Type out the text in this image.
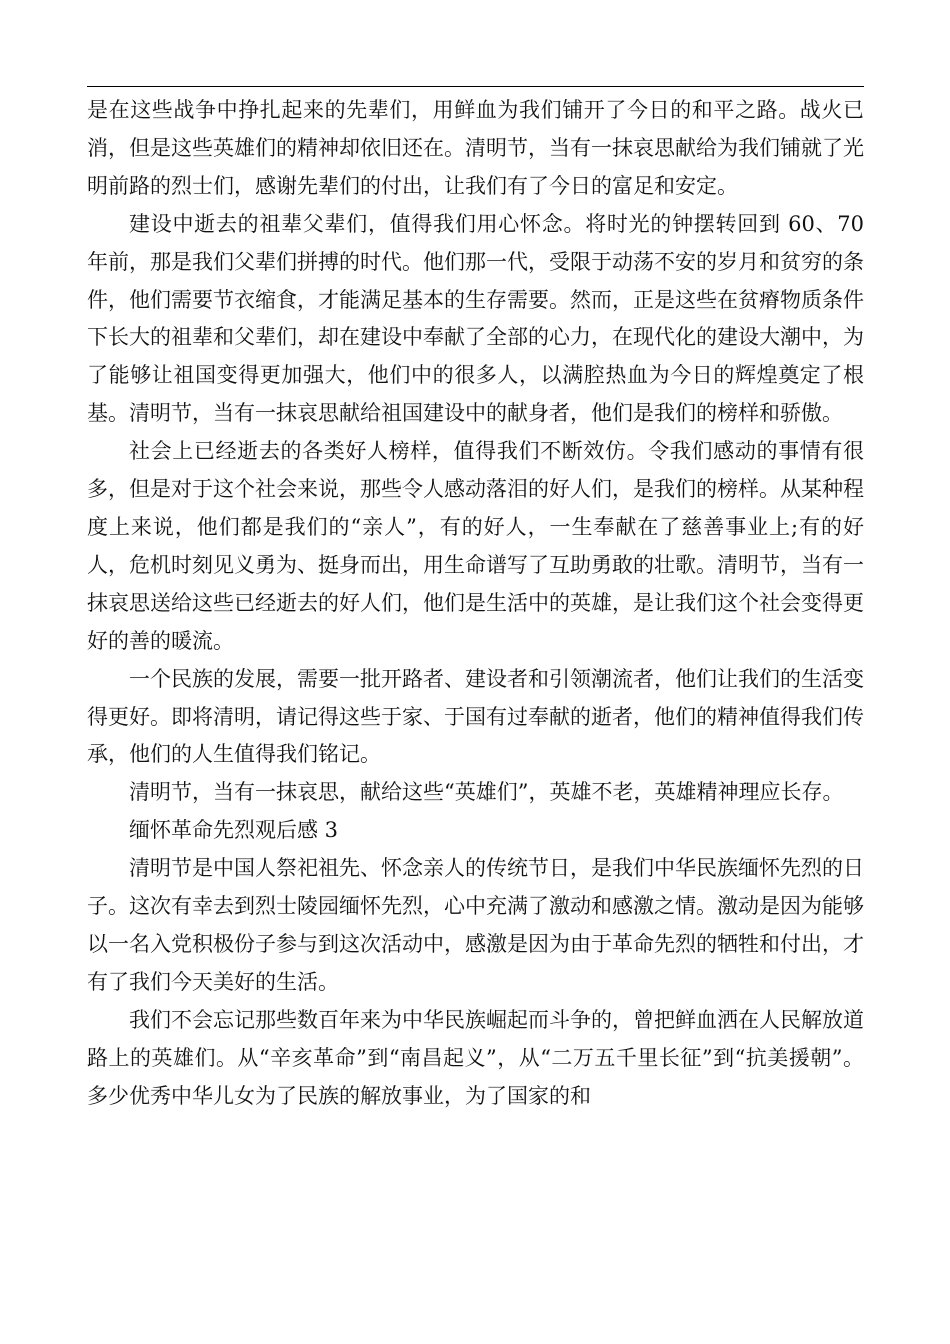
是在这些战争中挣扎起来的先辈们，用鲜血为我们铺开了今日的和平之路。战火已消，但是这些英雄们的精神却依旧还在。清明节，当有一抹哀思献给为我们铺就了光明前路的烈士们，感谢先辈们的付出，让我们有了今日的富足和安定。

建设中逝去的祖辈父辈们，值得我们用心怀念。将时光的钟摆转回到 60、70 年前，那是我们父辈们拼搏的时代。他们那一代，受限于动荡不安的岁月和贫穷的条件，他们需要节衣缩食，才能满足基本的生存需要。然而，正是这些在贫瘠物质条件下长大的祖辈和父辈们，却在建设中奉献了全部的心力，在现代化的建设大潮中，为了能够让祖国变得更加强大，他们中的很多人，以满腔热血为今日的辉煌奠定了根基。清明节，当有一抹哀思献给祖国建设中的献身者，他们是我们的榜样和骄傲。

社会上已经逝去的各类好人榜样，值得我们不断效仿。令我们感动的事情有很多，但是对于这个社会来说，那些令人感动落泪的好人们，是我们的榜样。从某种程度上来说，他们都是我们的“亲人”，有的好人，一生奉献在了慈善事业上;有的好人，危机时刻见义勇为、挺身而出，用生命谱写了互助勇敢的壮歌。清明节，当有一抹哀思送给这些已经逝去的好人们，他们是生活中的英雄，是让我们这个社会变得更好的善的暖流。

一个民族的发展，需要一批开路者、建设者和引领潮流者，他们让我们的生活变得更好。即将清明，请记得这些于家、于国有过奉献的逝者，他们的精神值得我们传承，他们的人生值得我们铭记。

清明节，当有一抹哀思，献给这些“英雄们”，英雄不老，英雄精神理应长存。

缅怀革命先烈观后感 3

清明节是中国人祭祀祖先、怀念亲人的传统节日，是我们中华民族缅怀先烈的日子。这次有幸去到烈士陵园缅怀先烈，心中充满了激动和感激之情。激动是因为能够以一名入党积极份子参与到这次活动中，感激是因为由于革命先烈的牺牲和付出，才有了我们今天美好的生活。

我们不会忘记那些数百年来为中华民族崛起而斗争的，曾把鲜血洒在人民解放道路上的英雄们。从“辛亥革命”到“南昌起义”，从“二万五千里长征”到“抗美援朝”。多少优秀中华儿女为了民族的解放事业，为了国家的和
